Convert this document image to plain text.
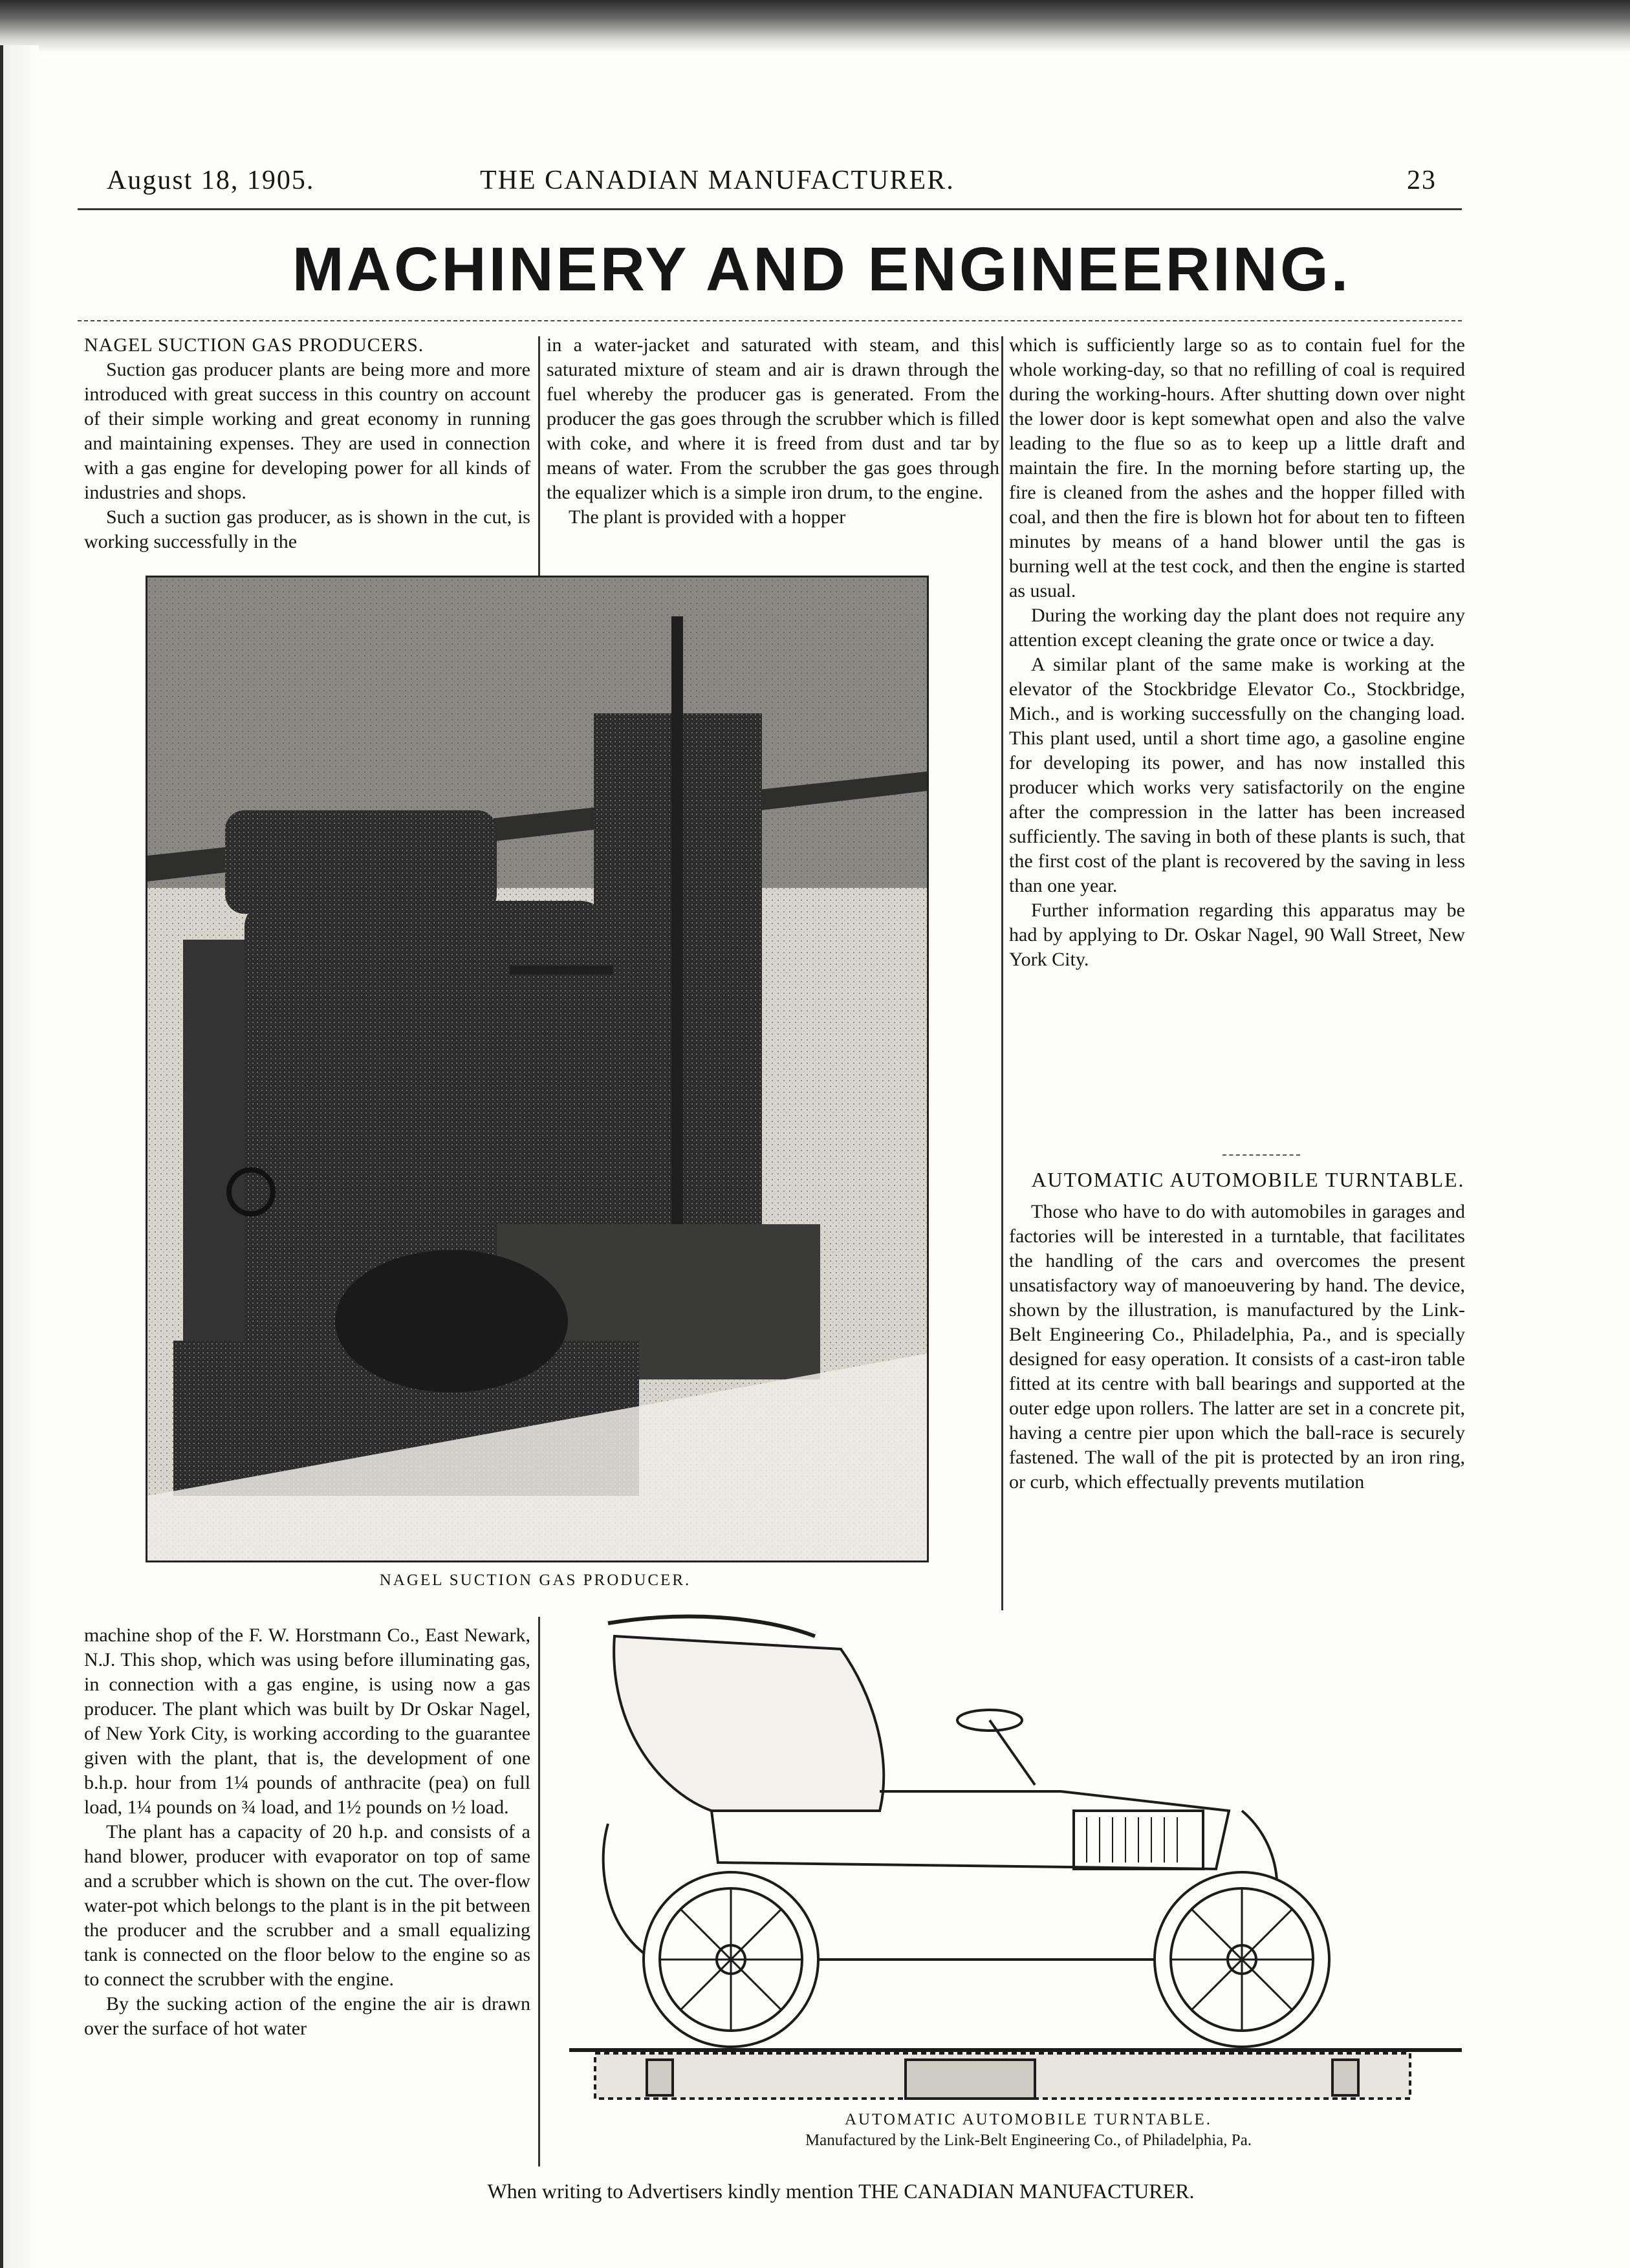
August 18, 1905.	THE CANADIAN MANUFACTURER.	23
MACHINERY AND ENGINEERING.

NAGEL SUCTION GAS PRODUCERS.

Suction gas producer plants are being more and more introduced with great success in this country on account of their simple working and great economy in running and maintaining expenses. They are used in connection with a gas engine for developing power for all kinds of industries and shops.

Such a suction gas producer, as is shown in the cut, is working successfully in the

in a water-jacket and saturated with steam, and this saturated mixture of steam and air is drawn through the fuel whereby the producer gas is generated. From the producer the gas goes through the scrubber which is filled with coke, and where it is freed from dust and tar by means of water. From the scrubber the gas goes through the equalizer which is a simple iron drum, to the engine.

The plant is provided with a hopper

NAGEL SUCTION GAS PRODUCER.

which is sufficiently large so as to contain fuel for the whole working-day, so that no refilling of coal is required during the working-hours. After shutting down over night the lower door is kept somewhat open and also the valve leading to the flue so as to keep up a little draft and maintain the fire. In the morning before starting up, the fire is cleaned from the ashes and the hopper filled with coal, and then the fire is blown hot for about ten to fifteen minutes by means of a hand blower until the gas is burning well at the test cock, and then the engine is started as usual.

During the working day the plant does not require any attention except cleaning the grate once or twice a day.

A similar plant of the same make is working at the elevator of the Stockbridge Elevator Co., Stockbridge, Mich., and is working successfully on the changing load. This plant used, until a short time ago, a gasoline engine for developing its power, and has now installed this producer which works very satisfactorily on the engine after the compression in the latter has been increased sufficiently. The saving in both of these plants is such, that the first cost of the plant is recovered by the saving in less than one year.

Further information regarding this apparatus may be had by applying to Dr. Oskar Nagel, 90 Wall Street, New York City.

AUTOMATIC AUTOMOBILE TURNTABLE.

Those who have to do with automobiles in garages and factories will be interested in a turntable, that facilitates the handling of the cars and overcomes the present unsatisfactory way of manoeuvering by hand. The device, shown by the illustration, is manufactured by the Link-Belt Engineering Co., Philadelphia, Pa., and is specially designed for easy operation. It consists of a cast-iron table fitted at its centre with ball bearings and supported at the outer edge upon rollers. The latter are set in a concrete pit, having a centre pier upon which the ball-race is securely fastened. The wall of the pit is protected by an iron ring, or curb, which effectually prevents mutilation

machine shop of the F. W. Horstmann Co., East Newark, N.J. This shop, which was using before illuminating gas, in connection with a gas engine, is using now a gas producer. The plant which was built by Dr Oskar Nagel, of New York City, is working according to the guarantee given with the plant, that is, the development of one b.h.p. hour from 1¼ pounds of anthracite (pea) on full load, 1¼ pounds on ¾ load, and 1½ pounds on ½ load.

The plant has a capacity of 20 h.p. and consists of a hand blower, producer with evaporator on top of same and a scrubber which is shown on the cut. The over-flow water-pot which belongs to the plant is in the pit between the producer and the scrubber and a small equalizing tank is connected on the floor below to the engine so as to connect the scrubber with the engine.

By the sucking action of the engine the air is drawn over the surface of hot water

AUTOMATIC AUTOMOBILE TURNTABLE.
Manufactured by the Link-Belt Engineering Co., of Philadelphia, Pa.
When writing to Advertisers kindly mention THE CANADIAN MANUFACTURER.
